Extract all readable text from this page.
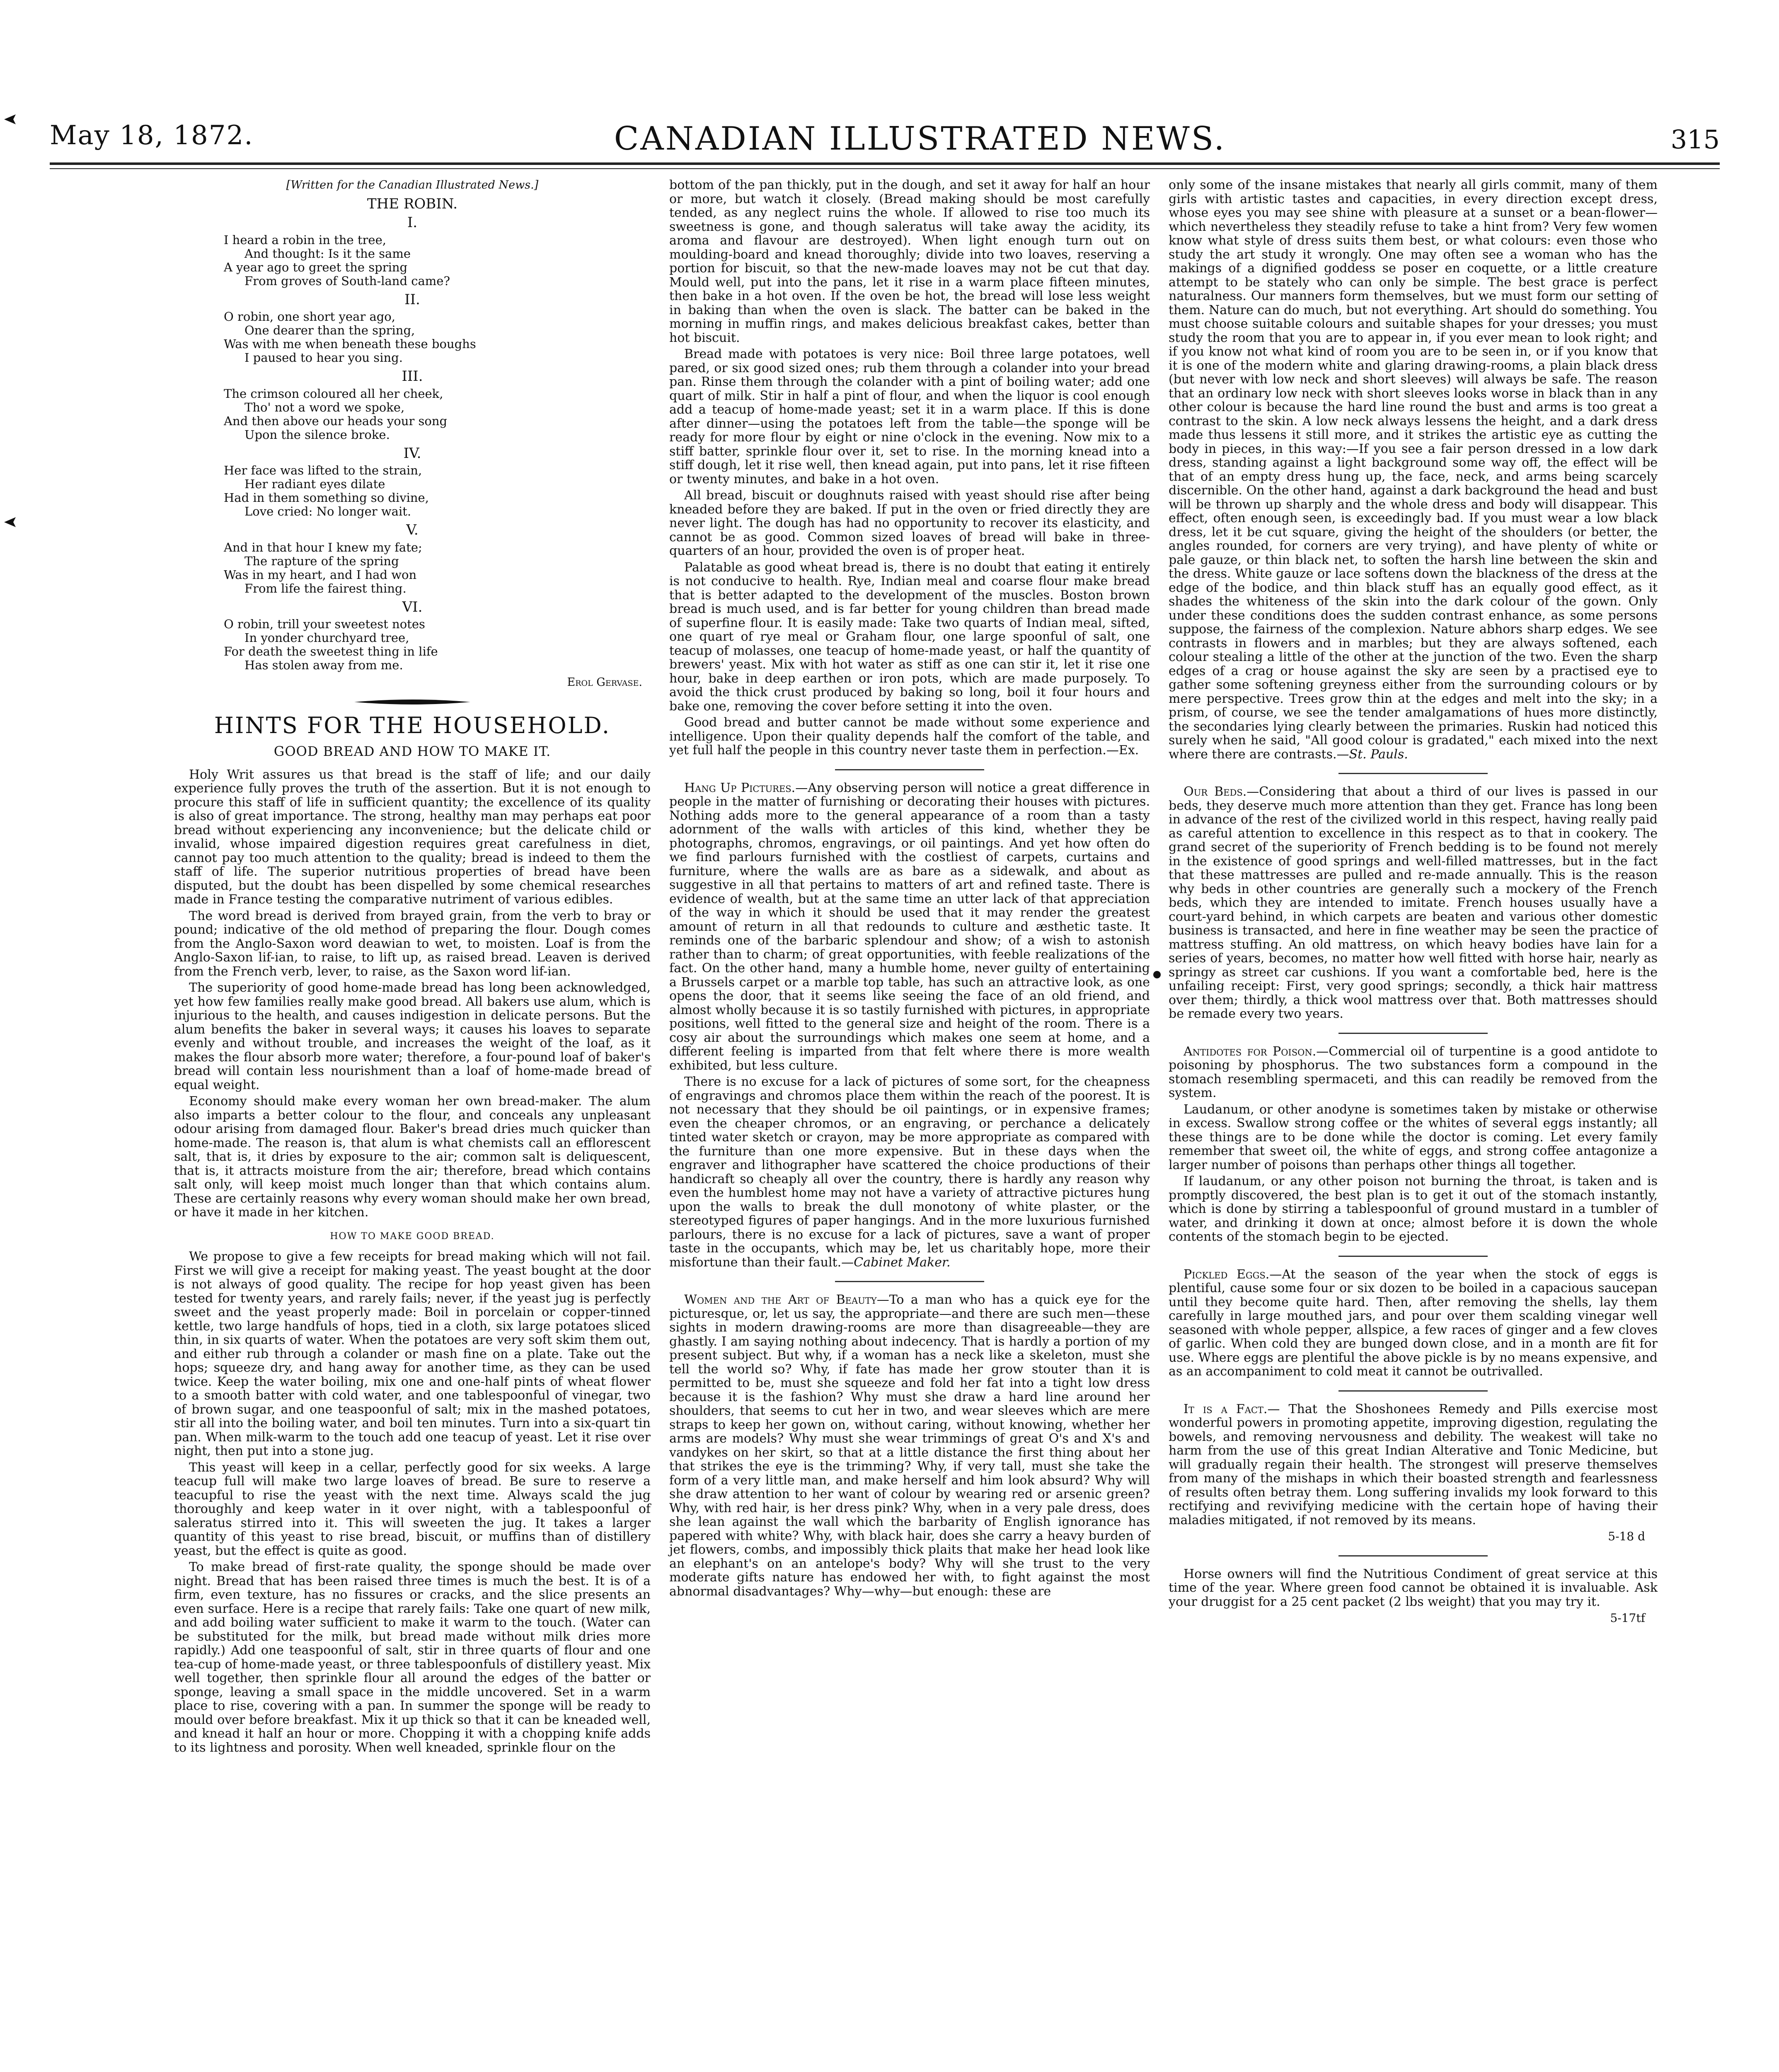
May 18, 1872.	CANADIAN ILLUSTRATED NEWS.	315
[Written for the Canadian Illustrated News.]
THE ROBIN.
I.
I heard a robin in the tree,
And thought: Is it the same
A year ago to greet the spring
From groves of South-land came?
II.
O robin, one short year ago,
One dearer than the spring,
Was with me when beneath these boughs
I paused to hear you sing.
III.
The crimson coloured all her cheek,
Tho' not a word we spoke,
And then above our heads your song
Upon the silence broke.
IV.
Her face was lifted to the strain,
Her radiant eyes dilate
Had in them something so divine,
Love cried: No longer wait.
V.
And in that hour I knew my fate;
The rapture of the spring
Was in my heart, and I had won
From life the fairest thing.
VI.
O robin, trill your sweetest notes
In yonder churchyard tree,
For death the sweetest thing in life
Has stolen away from me.
Erol Gervase.
HINTS FOR THE HOUSEHOLD.
GOOD BREAD AND HOW TO MAKE IT.

Holy Writ assures us that bread is the staff of life; and our daily experience fully proves the truth of the assertion. But it is not enough to procure this staff of life in sufficient quantity; the excellence of its quality is also of great importance. The strong, healthy man may perhaps eat poor bread without experiencing any inconvenience; but the delicate child or invalid, whose impaired digestion requires great carefulness in diet, cannot pay too much attention to the quality; bread is indeed to them the staff of life. The superior nutritious properties of bread have been disputed, but the doubt has been dispelled by some chemical researches made in France testing the comparative nutriment of various edibles.

The word bread is derived from brayed grain, from the verb to bray or pound; indicative of the old method of preparing the flour. Dough comes from the Anglo-Saxon word deawian to wet, to moisten. Loaf is from the Anglo-Saxon lif-ian, to raise, to lift up, as raised bread. Leaven is derived from the French verb, lever, to raise, as the Saxon word lif-ian.

The superiority of good home-made bread has long been acknowledged, yet how few families really make good bread. All bakers use alum, which is injurious to the health, and causes indigestion in delicate persons. But the alum benefits the baker in several ways; it causes his loaves to separate evenly and without trouble, and increases the weight of the loaf, as it makes the flour absorb more water; therefore, a four-pound loaf of baker's bread will contain less nourishment than a loaf of home-made bread of equal weight.

Economy should make every woman her own bread-maker. The alum also imparts a better colour to the flour, and conceals any unpleasant odour arising from damaged flour. Baker's bread dries much quicker than home-made. The reason is, that alum is what chemists call an efflorescent salt, that is, it dries by exposure to the air; common salt is deliquescent, that is, it attracts moisture from the air; therefore, bread which contains salt only, will keep moist much longer than that which contains alum. These are certainly reasons why every woman should make her own bread, or have it made in her kitchen.

HOW TO MAKE GOOD BREAD.

We propose to give a few receipts for bread making which will not fail. First we will give a receipt for making yeast. The yeast bought at the door is not always of good quality. The recipe for hop yeast given has been tested for twenty years, and rarely fails; never, if the yeast jug is perfectly sweet and the yeast properly made: Boil in porcelain or copper-tinned kettle, two large handfuls of hops, tied in a cloth, six large potatoes sliced thin, in six quarts of water. When the potatoes are very soft skim them out, and either rub through a colander or mash fine on a plate. Take out the hops; squeeze dry, and hang away for another time, as they can be used twice. Keep the water boiling, mix one and one-half pints of wheat flower to a smooth batter with cold water, and one tablespoonful of vinegar, two of brown sugar, and one teaspoonful of salt; mix in the mashed potatoes, stir all into the boiling water, and boil ten minutes. Turn into a six-quart tin pan. When milk-warm to the touch add one teacup of yeast. Let it rise over night, then put into a stone jug.

This yeast will keep in a cellar, perfectly good for six weeks. A large teacup full will make two large loaves of bread. Be sure to reserve a teacupful to rise the yeast with the next time. Always scald the jug thoroughly and keep water in it over night, with a tablespoonful of saleratus stirred into it. This will sweeten the jug. It takes a larger quantity of this yeast to rise bread, biscuit, or muffins than of distillery yeast, but the effect is quite as good.

To make bread of first-rate quality, the sponge should be made over night. Bread that has been raised three times is much the best. It is of a firm, even texture, has no fissures or cracks, and the slice presents an even surface. Here is a recipe that rarely fails: Take one quart of new milk, and add boiling water sufficient to make it warm to the touch. (Water can be substituted for the milk, but bread made without milk dries more rapidly.) Add one teaspoonful of salt, stir in three quarts of flour and one tea-cup of home-made yeast, or three tablespoonfuls of distillery yeast. Mix well together, then sprinkle flour all around the edges of the batter or sponge, leaving a small space in the middle uncovered. Set in a warm place to rise, covering with a pan. In summer the sponge will be ready to mould over before breakfast. Mix it up thick so that it can be kneaded well, and knead it half an hour or more. Chopping it with a chopping knife adds to its lightness and porosity. When well kneaded, sprinkle flour on the

bottom of the pan thickly, put in the dough, and set it away for half an hour or more, but watch it closely. (Bread making should be most carefully tended, as any neglect ruins the whole. If allowed to rise too much its sweetness is gone, and though saleratus will take away the acidity, its aroma and flavour are destroyed). When light enough turn out on moulding-board and knead thoroughly; divide into two loaves, reserving a portion for biscuit, so that the new-made loaves may not be cut that day. Mould well, put into the pans, let it rise in a warm place fifteen minutes, then bake in a hot oven. If the oven be hot, the bread will lose less weight in baking than when the oven is slack. The batter can be baked in the morning in muffin rings, and makes delicious breakfast cakes, better than hot biscuit.

Bread made with potatoes is very nice: Boil three large potatoes, well pared, or six good sized ones; rub them through a colander into your bread pan. Rinse them through the colander with a pint of boiling water; add one quart of milk. Stir in half a pint of flour, and when the liquor is cool enough add a teacup of home-made yeast; set it in a warm place. If this is done after dinner—using the potatoes left from the table—the sponge will be ready for more flour by eight or nine o'clock in the evening. Now mix to a stiff batter, sprinkle flour over it, set to rise. In the morning knead into a stiff dough, let it rise well, then knead again, put into pans, let it rise fifteen or twenty minutes, and bake in a hot oven.

All bread, biscuit or doughnuts raised with yeast should rise after being kneaded before they are baked. If put in the oven or fried directly they are never light. The dough has had no opportunity to recover its elasticity, and cannot be as good. Common sized loaves of bread will bake in three-quarters of an hour, provided the oven is of proper heat.

Palatable as good wheat bread is, there is no doubt that eating it entirely is not conducive to health. Rye, Indian meal and coarse flour make bread that is better adapted to the development of the muscles. Boston brown bread is much used, and is far better for young children than bread made of superfine flour. It is easily made: Take two quarts of Indian meal, sifted, one quart of rye meal or Graham flour, one large spoonful of salt, one teacup of molasses, one teacup of home-made yeast, or half the quantity of brewers' yeast. Mix with hot water as stiff as one can stir it, let it rise one hour, bake in deep earthen or iron pots, which are made purposely. To avoid the thick crust produced by baking so long, boil it four hours and bake one, removing the cover before setting it into the oven.

Good bread and butter cannot be made without some experience and intelligence. Upon their quality depends half the comfort of the table, and yet full half the people in this country never taste them in perfection.—Ex.

Hang Up Pictures.—Any observing person will notice a great difference in people in the matter of furnishing or decorating their houses with pictures. Nothing adds more to the general appearance of a room than a tasty adornment of the walls with articles of this kind, whether they be photographs, chromos, engravings, or oil paintings. And yet how often do we find parlours furnished with the costliest of carpets, curtains and furniture, where the walls are as bare as a sidewalk, and about as suggestive in all that pertains to matters of art and refined taste. There is evidence of wealth, but at the same time an utter lack of that appreciation of the way in which it should be used that it may render the greatest amount of return in all that redounds to culture and æsthetic taste. It reminds one of the barbaric splendour and show; of a wish to astonish rather than to charm; of great opportunities, with feeble realizations of the fact. On the other hand, many a humble home, never guilty of entertaining a Brussels carpet or a marble top table, has such an attractive look, as one opens the door, that it seems like seeing the face of an old friend, and almost wholly because it is so tastily furnished with pictures, in appropriate positions, well fitted to the general size and height of the room. There is a cosy air about the surroundings which makes one seem at home, and a different feeling is imparted from that felt where there is more wealth exhibited, but less culture.

There is no excuse for a lack of pictures of some sort, for the cheapness of engravings and chromos place them within the reach of the poorest. It is not necessary that they should be oil paintings, or in expensive frames; even the cheaper chromos, or an engraving, or perchance a delicately tinted water sketch or crayon, may be more appropriate as compared with the furniture than one more expensive. But in these days when the engraver and lithographer have scattered the choice productions of their handicraft so cheaply all over the country, there is hardly any reason why even the humblest home may not have a variety of attractive pictures hung upon the walls to break the dull monotony of white plaster, or the stereotyped figures of paper hangings. And in the more luxurious furnished parlours, there is no excuse for a lack of pictures, save a want of proper taste in the occupants, which may be, let us charitably hope, more their misfortune than their fault.—Cabinet Maker.

Women and the Art of Beauty—To a man who has a quick eye for the picturesque, or, let us say, the appropriate—and there are such men—these sights in modern drawing-rooms are more than disagreeable—they are ghastly. I am saying nothing about indecency. That is hardly a portion of my present subject. But why, if a woman has a neck like a skeleton, must she tell the world so? Why, if fate has made her grow stouter than it is permitted to be, must she squeeze and fold her fat into a tight low dress because it is the fashion? Why must she draw a hard line around her shoulders, that seems to cut her in two, and wear sleeves which are mere straps to keep her gown on, without caring, without knowing, whether her arms are models? Why must she wear trimmings of great O's and X's and vandykes on her skirt, so that at a little distance the first thing about her that strikes the eye is the trimming? Why, if very tall, must she take the form of a very little man, and make herself and him look absurd? Why will she draw attention to her want of colour by wearing red or arsenic green? Why, with red hair, is her dress pink? Why, when in a very pale dress, does she lean against the wall which the barbarity of English ignorance has papered with white? Why, with black hair, does she carry a heavy burden of jet flowers, combs, and impossibly thick plaits that make her head look like an elephant's on an antelope's body? Why will she trust to the very moderate gifts nature has endowed her with, to fight against the most abnormal disadvantages? Why—why—but enough: these are

only some of the insane mistakes that nearly all girls commit, many of them girls with artistic tastes and capacities, in every direction except dress, whose eyes you may see shine with pleasure at a sunset or a bean-flower—which nevertheless they steadily refuse to take a hint from? Very few women know what style of dress suits them best, or what colours: even those who study the art study it wrongly. One may often see a woman who has the makings of a dignified goddess se poser en coquette, or a little creature attempt to be stately who can only be simple. The best grace is perfect naturalness. Our manners form themselves, but we must form our setting of them. Nature can do much, but not everything. Art should do something. You must choose suitable colours and suitable shapes for your dresses; you must study the room that you are to appear in, if you ever mean to look right; and if you know not what kind of room you are to be seen in, or if you know that it is one of the modern white and glaring drawing-rooms, a plain black dress (but never with low neck and short sleeves) will always be safe. The reason that an ordinary low neck with short sleeves looks worse in black than in any other colour is because the hard line round the bust and arms is too great a contrast to the skin. A low neck always lessens the height, and a dark dress made thus lessens it still more, and it strikes the artistic eye as cutting the body in pieces, in this way:—If you see a fair person dressed in a low dark dress, standing against a light background some way off, the effect will be that of an empty dress hung up, the face, neck, and arms being scarcely discernible. On the other hand, against a dark background the head and bust will be thrown up sharply and the whole dress and body will disappear. This effect, often enough seen, is exceedingly bad. If you must wear a low black dress, let it be cut square, giving the height of the shoulders (or better, the angles rounded, for corners are very trying), and have plenty of white or pale gauze, or thin black net, to soften the harsh line between the skin and the dress. White gauze or lace softens down the blackness of the dress at the edge of the bodice, and thin black stuff has an equally good effect, as it shades the whiteness of the skin into the dark colour of the gown. Only under these conditions does the sudden contrast enhance, as some persons suppose, the fairness of the complexion. Nature abhors sharp edges. We see contrasts in flowers and in marbles; but they are always softened, each colour stealing a little of the other at the junction of the two. Even the sharp edges of a crag or house against the sky are seen by a practised eye to gather some softening greyness either from the surrounding colours or by mere perspective. Trees grow thin at the edges and melt into the sky; in a prism, of course, we see the tender amalgamations of hues more distinctly, the secondaries lying clearly between the primaries. Ruskin had noticed this surely when he said, "All good colour is gradated," each mixed into the next where there are contrasts.—St. Pauls.

Our Beds.—Considering that about a third of our lives is passed in our beds, they deserve much more attention than they get. France has long been in advance of the rest of the civilized world in this respect, having really paid as careful attention to excellence in this respect as to that in cookery. The grand secret of the superiority of French bedding is to be found not merely in the existence of good springs and well-filled mattresses, but in the fact that these mattresses are pulled and re-made annually. This is the reason why beds in other countries are generally such a mockery of the French beds, which they are intended to imitate. French houses usually have a court-yard behind, in which carpets are beaten and various other domestic business is transacted, and here in fine weather may be seen the practice of mattress stuffing. An old mattress, on which heavy bodies have lain for a series of years, becomes, no matter how well fitted with horse hair, nearly as springy as street car cushions. If you want a comfortable bed, here is the unfailing receipt: First, very good springs; secondly, a thick hair mattress over them; thirdly, a thick wool mattress over that. Both mattresses should be remade every two years.

Antidotes for Poison.—Commercial oil of turpentine is a good antidote to poisoning by phosphorus. The two substances form a compound in the stomach resembling spermaceti, and this can readily be removed from the system.

Laudanum, or other anodyne is sometimes taken by mistake or otherwise in excess. Swallow strong coffee or the whites of several eggs instantly; all these things are to be done while the doctor is coming. Let every family remember that sweet oil, the white of eggs, and strong coffee antagonize a larger number of poisons than perhaps other things all together.

If laudanum, or any other poison not burning the throat, is taken and is promptly discovered, the best plan is to get it out of the stomach instantly, which is done by stirring a tablespoonful of ground mustard in a tumbler of water, and drinking it down at once; almost before it is down the whole contents of the stomach begin to be ejected.

Pickled Eggs.—At the season of the year when the stock of eggs is plentiful, cause some four or six dozen to be boiled in a capacious saucepan until they become quite hard. Then, after removing the shells, lay them carefully in large mouthed jars, and pour over them scalding vinegar well seasoned with whole pepper, allspice, a few races of ginger and a few cloves of garlic. When cold they are bunged down close, and in a month are fit for use. Where eggs are plentiful the above pickle is by no means expensive, and as an accompaniment to cold meat it cannot be outrivalled.

It is a Fact.— That the Shoshonees Remedy and Pills exercise most wonderful powers in promoting appetite, improving digestion, regulating the bowels, and removing nervousness and debility. The weakest will take no harm from the use of this great Indian Alterative and Tonic Medicine, but will gradually regain their health. The strongest will preserve themselves from many of the mishaps in which their boasted strength and fearlessness of results often betray them. Long suffering invalids my look forward to this rectifying and revivifying medicine with the certain hope of having their maladies mitigated, if not removed by its means.

5-18 d

Horse owners will find the Nutritious Condiment of great service at this time of the year. Where green food cannot be obtained it is invaluable. Ask your druggist for a 25 cent packet (2 lbs weight) that you may try it.

5-17tf
